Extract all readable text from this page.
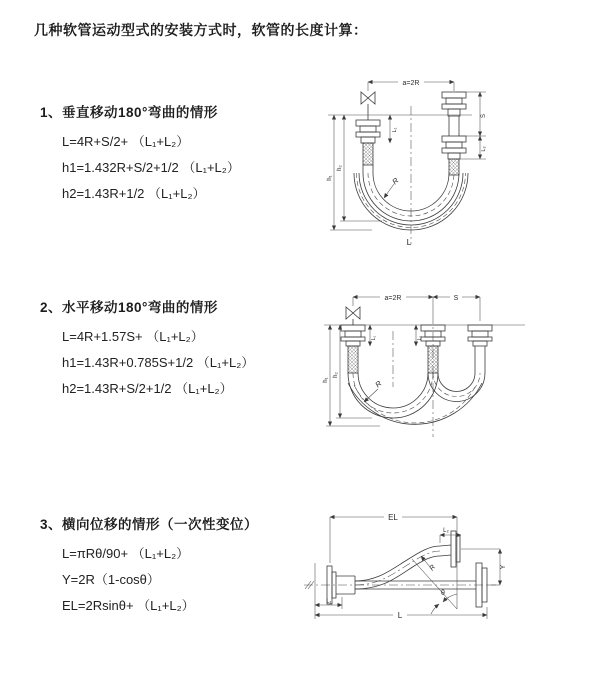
几种软管运动型式的安装方式时，软管的长度计算：
1、垂直移动180°弯曲的情形
L=4R+S/2+ （L₁+L₂）
h1=1.432R+S/2+1/2 （L₁+L₂）
h2=1.43R+1/2 （L₁+L₂）
2、水平移动180°弯曲的情形
L=4R+1.57S+ （L₁+L₂）
h1=1.43R+0.785S+1/2 （L₁+L₂）
h2=1.43R+S/2+1/2 （L₁+L₂）
3、横向位移的情形（一次性变位）
L=πRθ/90+ （L₁+L₂）
Y=2R（1-cosθ）
EL=2Rsinθ+ （L₁+L₂）
a=2R
S
L₂
h₁
h₂
L₁
R
L
a=2R	S
L₁	L₂
h₁
h₂
R
θ
R
EL
L₂
Y
L₁
L
